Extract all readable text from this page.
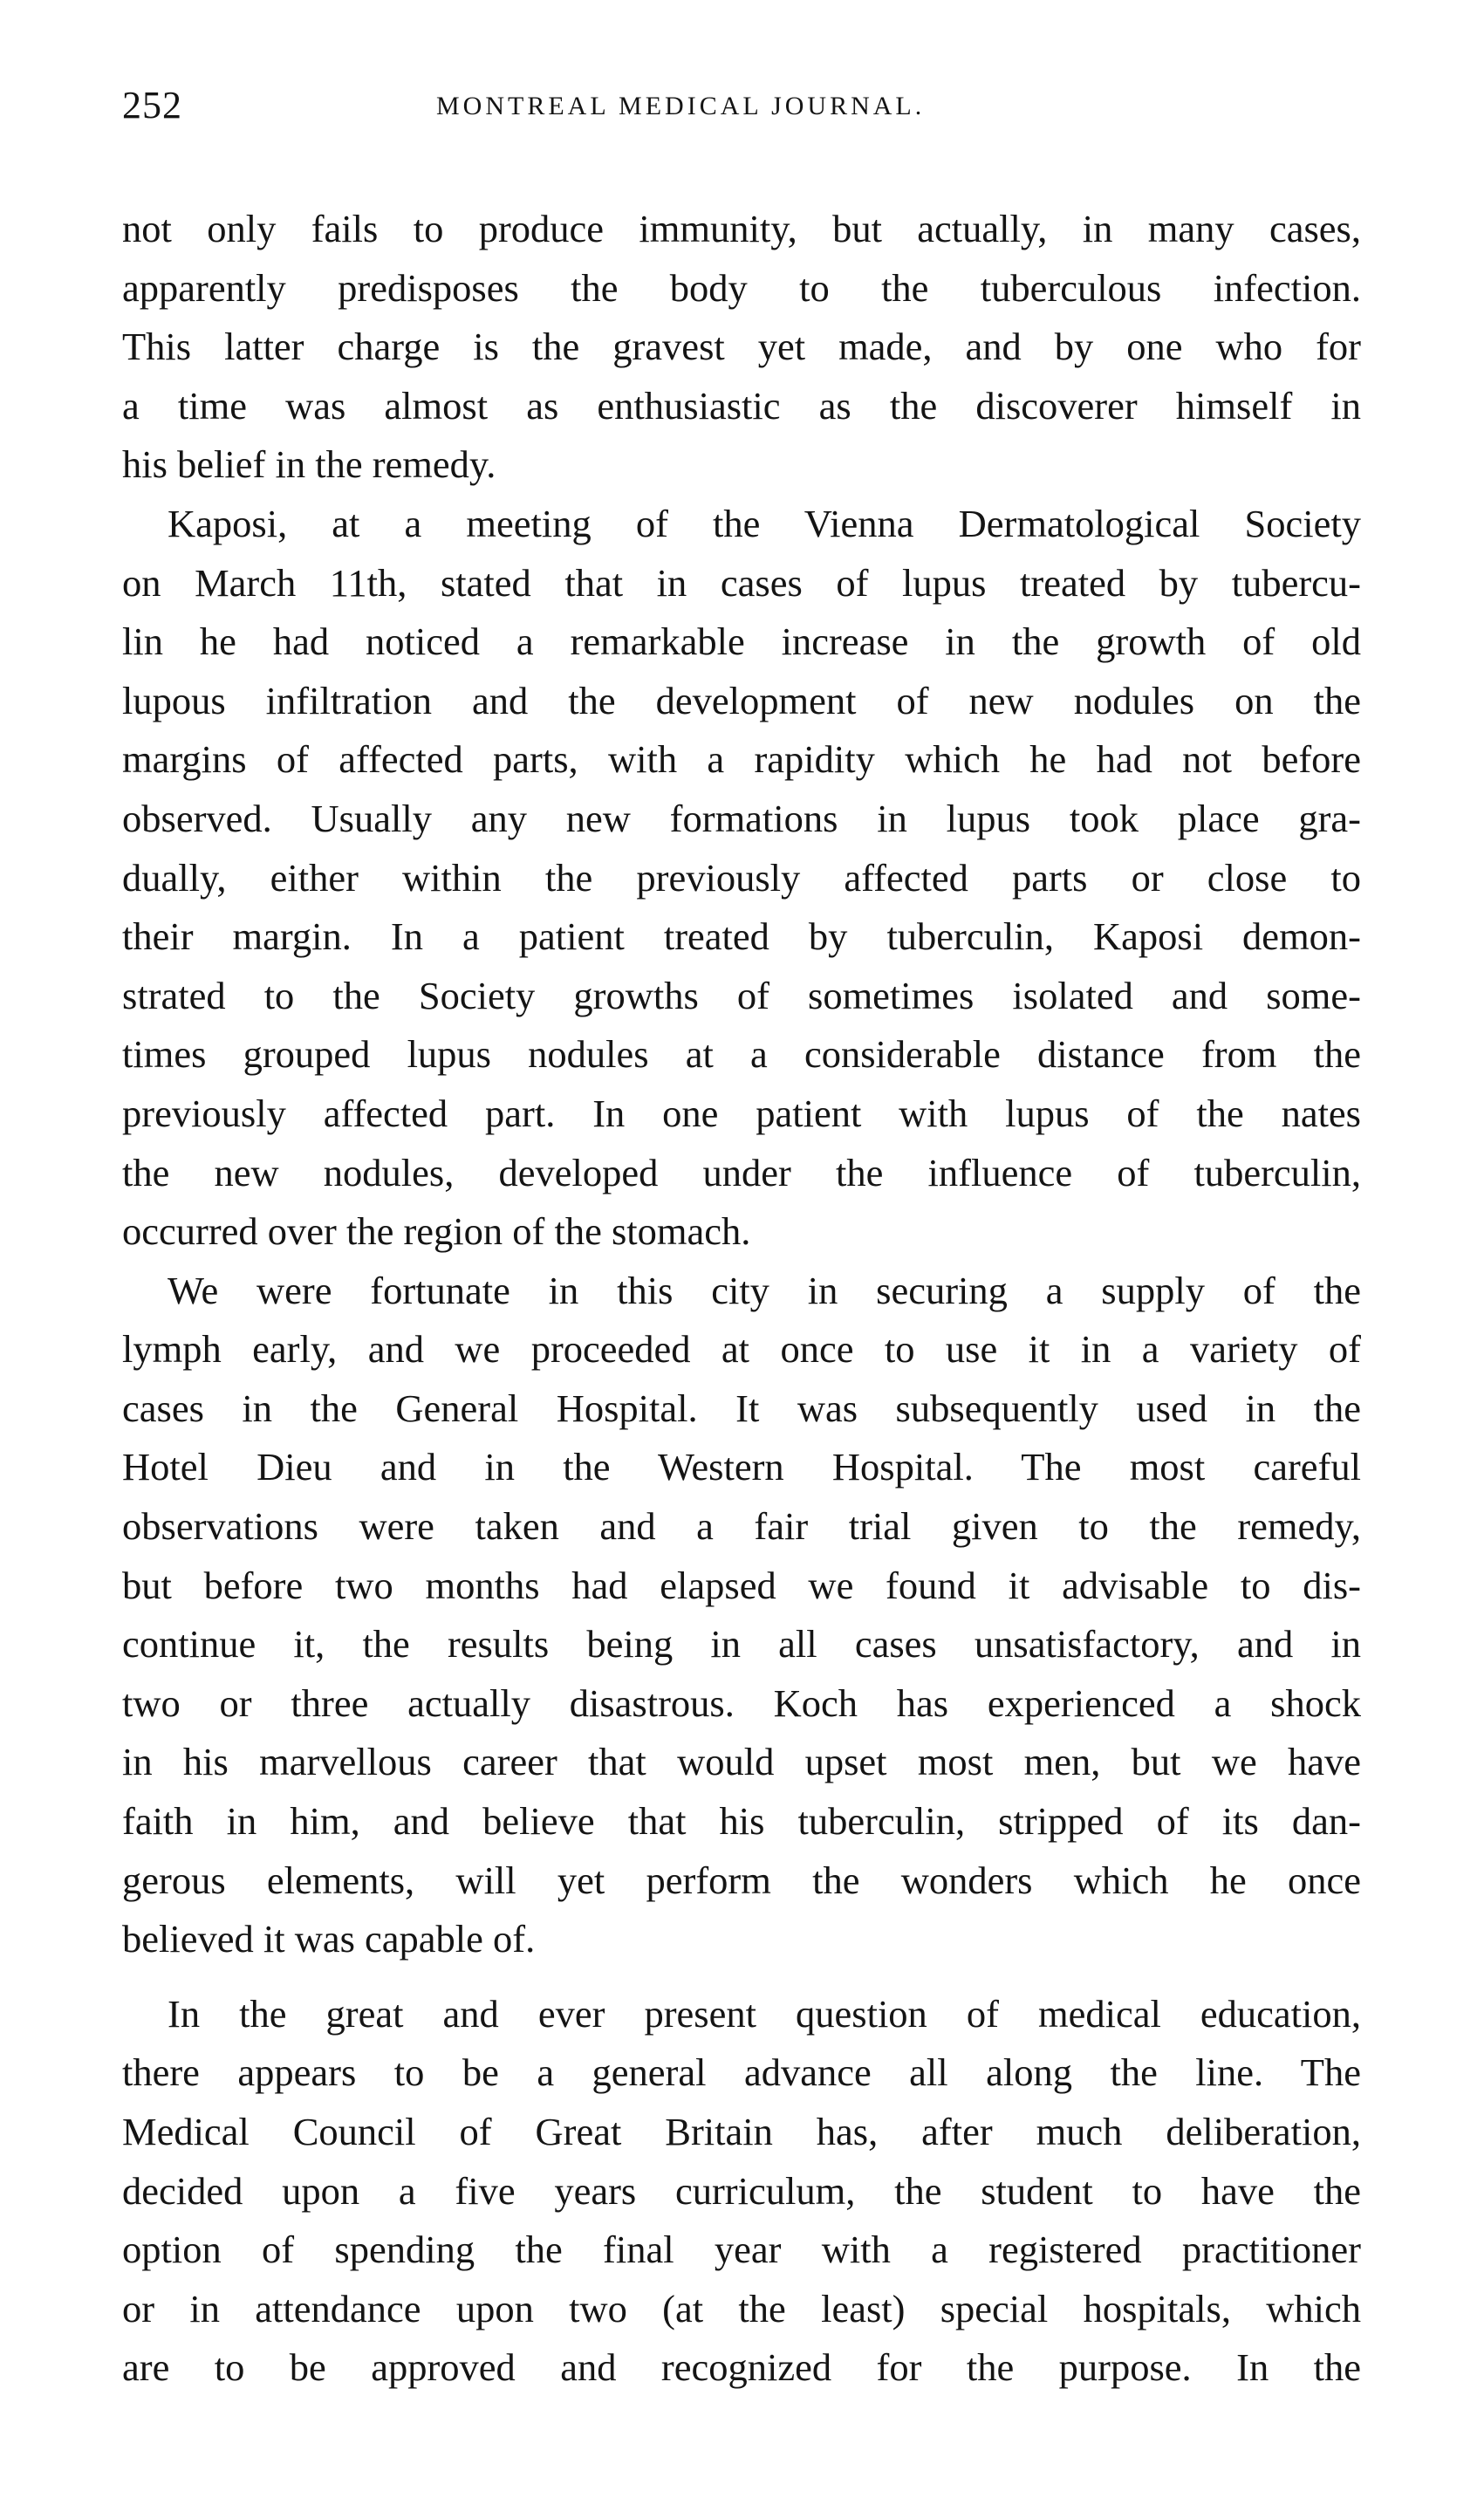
252	MONTREAL MEDICAL JOURNAL.
not only fails to produce immunity, but actually, in many cases,
apparently predisposes the body to the tuberculous infection.
This latter charge is the gravest yet made, and by one who for
a time was almost as enthusiastic as the discoverer himself in
his belief in the remedy.
Kaposi, at a meeting of the Vienna Dermatological Society
on March 11th, stated that in cases of lupus treated by tubercu-
lin he had noticed a remarkable increase in the growth of old
lupous infiltration and the development of new nodules on the
margins of affected parts, with a rapidity which he had not before
observed. Usually any new formations in lupus took place gra-
dually, either within the previously affected parts or close to
their margin. In a patient treated by tuberculin, Kaposi demon-
strated to the Society growths of sometimes isolated and some-
times grouped lupus nodules at a considerable distance from the
previously affected part. In one patient with lupus of the nates
the new nodules, developed under the influence of tuberculin,
occurred over the region of the stomach.
We were fortunate in this city in securing a supply of the
lymph early, and we proceeded at once to use it in a variety of
cases in the General Hospital. It was subsequently used in the
Hotel Dieu and in the Western Hospital. The most careful
observations were taken and a fair trial given to the remedy,
but before two months had elapsed we found it advisable to dis-
continue it, the results being in all cases unsatisfactory, and in
two or three actually disastrous. Koch has experienced a shock
in his marvellous career that would upset most men, but we have
faith in him, and believe that his tuberculin, stripped of its dan-
gerous elements, will yet perform the wonders which he once
believed it was capable of.
In the great and ever present question of medical education,
there appears to be a general advance all along the line. The
Medical Council of Great Britain has, after much deliberation,
decided upon a five years curriculum, the student to have the
option of spending the final year with a registered practitioner
or in attendance upon two (at the least) special hospitals, which
are to be approved and recognized for the purpose. In the
